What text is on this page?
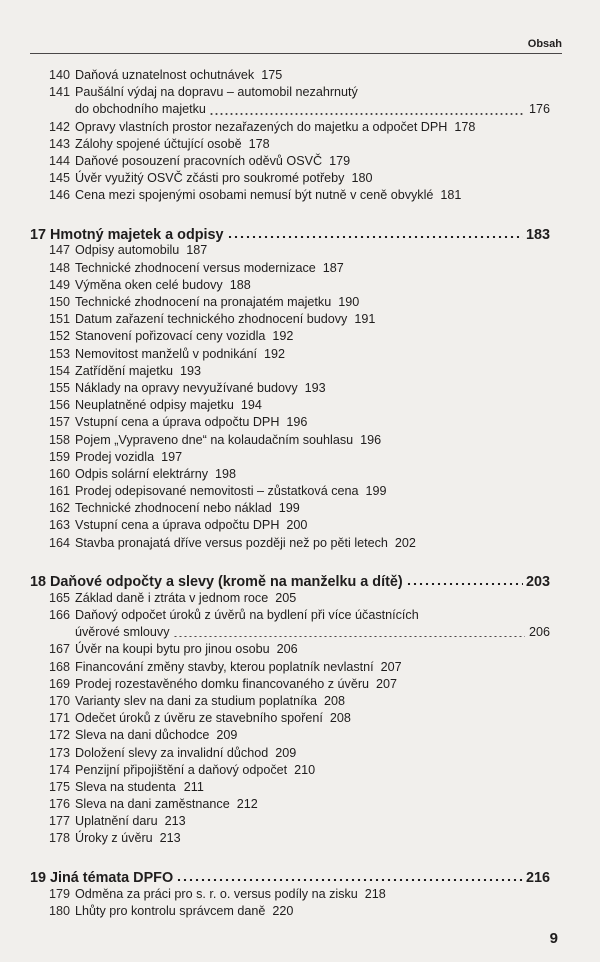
Obsah
140 Daňová uznatelnost ochutnávek 175
141 Paušální výdaj na dopravu – automobil nezahrnutý
do obchodního majetku	176
142 Opravy vlastních prostor nezařazených do majetku a odpočet DPH 178
143 Zálohy spojené účtující osobě 178
144 Daňové posouzení pracovních oděvů OSVČ 179
145 Úvěr využitý OSVČ zčásti pro soukromé potřeby 180
146 Cena mezi spojenými osobami nemusí být nutně v ceně obvyklé 181
17 Hmotný majetek a odpisy	183
147 Odpisy automobilu 187
148 Technické zhodnocení versus modernizace 187
149 Výměna oken celé budovy 188
150 Technické zhodnocení na pronajatém majetku 190
151 Datum zařazení technického zhodnocení budovy 191
152 Stanovení pořizovací ceny vozidla 192
153 Nemovitost manželů v podnikání 192
154 Zatřídění majetku 193
155 Náklady na opravy nevyužívané budovy 193
156 Neuplatněné odpisy majetku 194
157 Vstupní cena a úprava odpočtu DPH 196
158 Pojem „Vypraveno dne“ na kolaudačním souhlasu 196
159 Prodej vozidla 197
160 Odpis solární elektrárny 198
161 Prodej odepisované nemovitosti – zůstatková cena 199
162 Technické zhodnocení nebo náklad 199
163 Vstupní cena a úprava odpočtu DPH 200
164 Stavba pronajatá dříve versus později než po pěti letech 202
18 Daňové odpočty a slevy (kromě na manželku a dítě)	203
165 Základ daně i ztráta v jednom roce 205
166 Daňový odpočet úroků z úvěrů na bydlení při více účastnících
úvěrové smlouvy	206
167 Úvěr na koupi bytu pro jinou osobu 206
168 Financování změny stavby, kterou poplatník nevlastní 207
169 Prodej rozestavěného domku financovaného z úvěru 207
170 Varianty slev na dani za studium poplatníka 208
171 Odečet úroků z úvěru ze stavebního spoření 208
172 Sleva na dani důchodce 209
173 Doložení slevy za invalidní důchod 209
174 Penzijní připojištění a daňový odpočet 210
175 Sleva na studenta 211
176 Sleva na dani zaměstnance 212
177 Uplatnění daru 213
178 Úroky z úvěru 213
19 Jiná témata DPFO	216
179 Odměna za práci pro s. r. o. versus podíly na zisku 218
180 Lhůty pro kontrolu správcem daně 220
9
